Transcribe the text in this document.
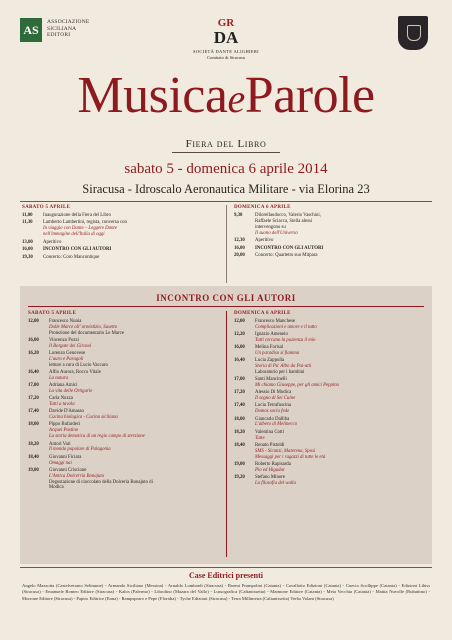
AS
ASSOCIAZIONE
SICILIANA
EDITORI
GR
DA
SOCIETÀ DANTE ALIGHIERI
Comitato di Siracusa
MusicaeParole
Fiera del Libro
sabato 5 - domenica 6 aprile 2014
Siracusa - Idroscalo Aeronautica Militare - via Elorina 23
SABATO 5 APRILE
11,00	Inaugurazione della Fiera del Libro
11,30	Lamberto Lambertini, regista, conversa con
In viaggio con Dante – Leggere Dante
nell'immagine dell'Italia di oggi
13,00	Aperitivo
16,00	INCONTRO CON GLI AUTORI
19,30	Concerto: Coro Mancontique
DOMENICA 6 APRILE
9,30	Dilorellaudocco, Valerio Vaschini,
Raffaele Sciacca, Stella alessi
intervengono su
Il suono dell'Universo
12,30	Aperitivo
16,00	INCONTRO CON GLI AUTORI
20,00	Concerto: Quartetto suo Mitpara
INCONTRO CON GLI AUTORI
SABATO 5 APRILE
12,00	Francesco Nunia
Dalle Marce all' armistizio, Susetto
Proiezione del documentario Le Marce
16,00	Vincenzo Pozzi
Il Borgate dei Girasoi
16,20	Lorenzo Genovese
L'aura e Paragoli
letture a cura di Lucio Vaccaro
16,40	Alfio Aurora, Rocco Vitale
La natura
17,00	Adriana Amici
La vita delle Ortigarie
17,20	Carla Nozza
Tutti a tavola
17,40	Davide D'Amasso
Cucina biologica - Cucina siciliana
18,00	Pippo Bufardeci
Acquei Pastino
La storia demotica di un regio campo di sterzione
18,20	Antori Vari
Il mondo popolare di Palagonia
18,40	Giovanni Ficiara
Omaggi nai
19,00	Giovanni Criscione
L'Antica Dolcerria Bonajuto
Degustazione di cioccolato della Dolceria Bonajuto di
Modica
DOMENICA 6 APRILE
12,00	Francesco Manchese
Complicazioni e amore e il tutto
12,20	Ignazio Ameneio
Tutti cercano la pazienza il mio
16,00	Melina Forisal
Un paradiso si fiamma
16,40	Lucia Zappulla
Storia di Pu' Albo da Pai-atti
Laboratorio per i bambini
17,00	Santi Mancinelli
Mi chiamo Giuseppe, per gli amici Peppino
17,20	Alessio Di Modica
Il sogno di Sei Cuine
17,40	Lucia Terrafuscina
Domos socia fede
18,00	Giancarlo Dalliba
L'albero di Melinecco
18,20	Valentina Cotti
Tutte
18,40	Renato Pistoldi
SMS - Sicanzi, Materena, Sposi
Messaggi per i ragazzi di tutte le età
19,00	Roberto Rapisarda
Pio ed Higudar
19,20	Stefano Minore
La filosofia del walla
Case Editrici presenti
Angelo Mazzotta (Castelvetrano Selinunte) - Armando Siciliano (Messina) - Arnaldo Lombardi (Siracusa) - Boemi Prampolini (Catania) - Cavallotto Edizioni (Catania) - Cuecio Scollippe (Catania) - Edizioni Lihiss (Siracusa) - Emanuele Romeo Editore (Siracusa) - Kalos (Palermo) - Librolino (Mazara del Vallo) - Lussografica (Caltanissetta) - Maimone Editore (Catania) - Meta Vecchia (Catania) - Mattia Nuvolle (Rubattino) - Morrone Editore (Siracusa) - Papiro Editrice (Enna) - Rampspraro e Pepe (Floridia) - Tyche Edizioni (Siracusa) - Terra Millimetra (Caltanissetta) Verba Volant (Siracusa)
